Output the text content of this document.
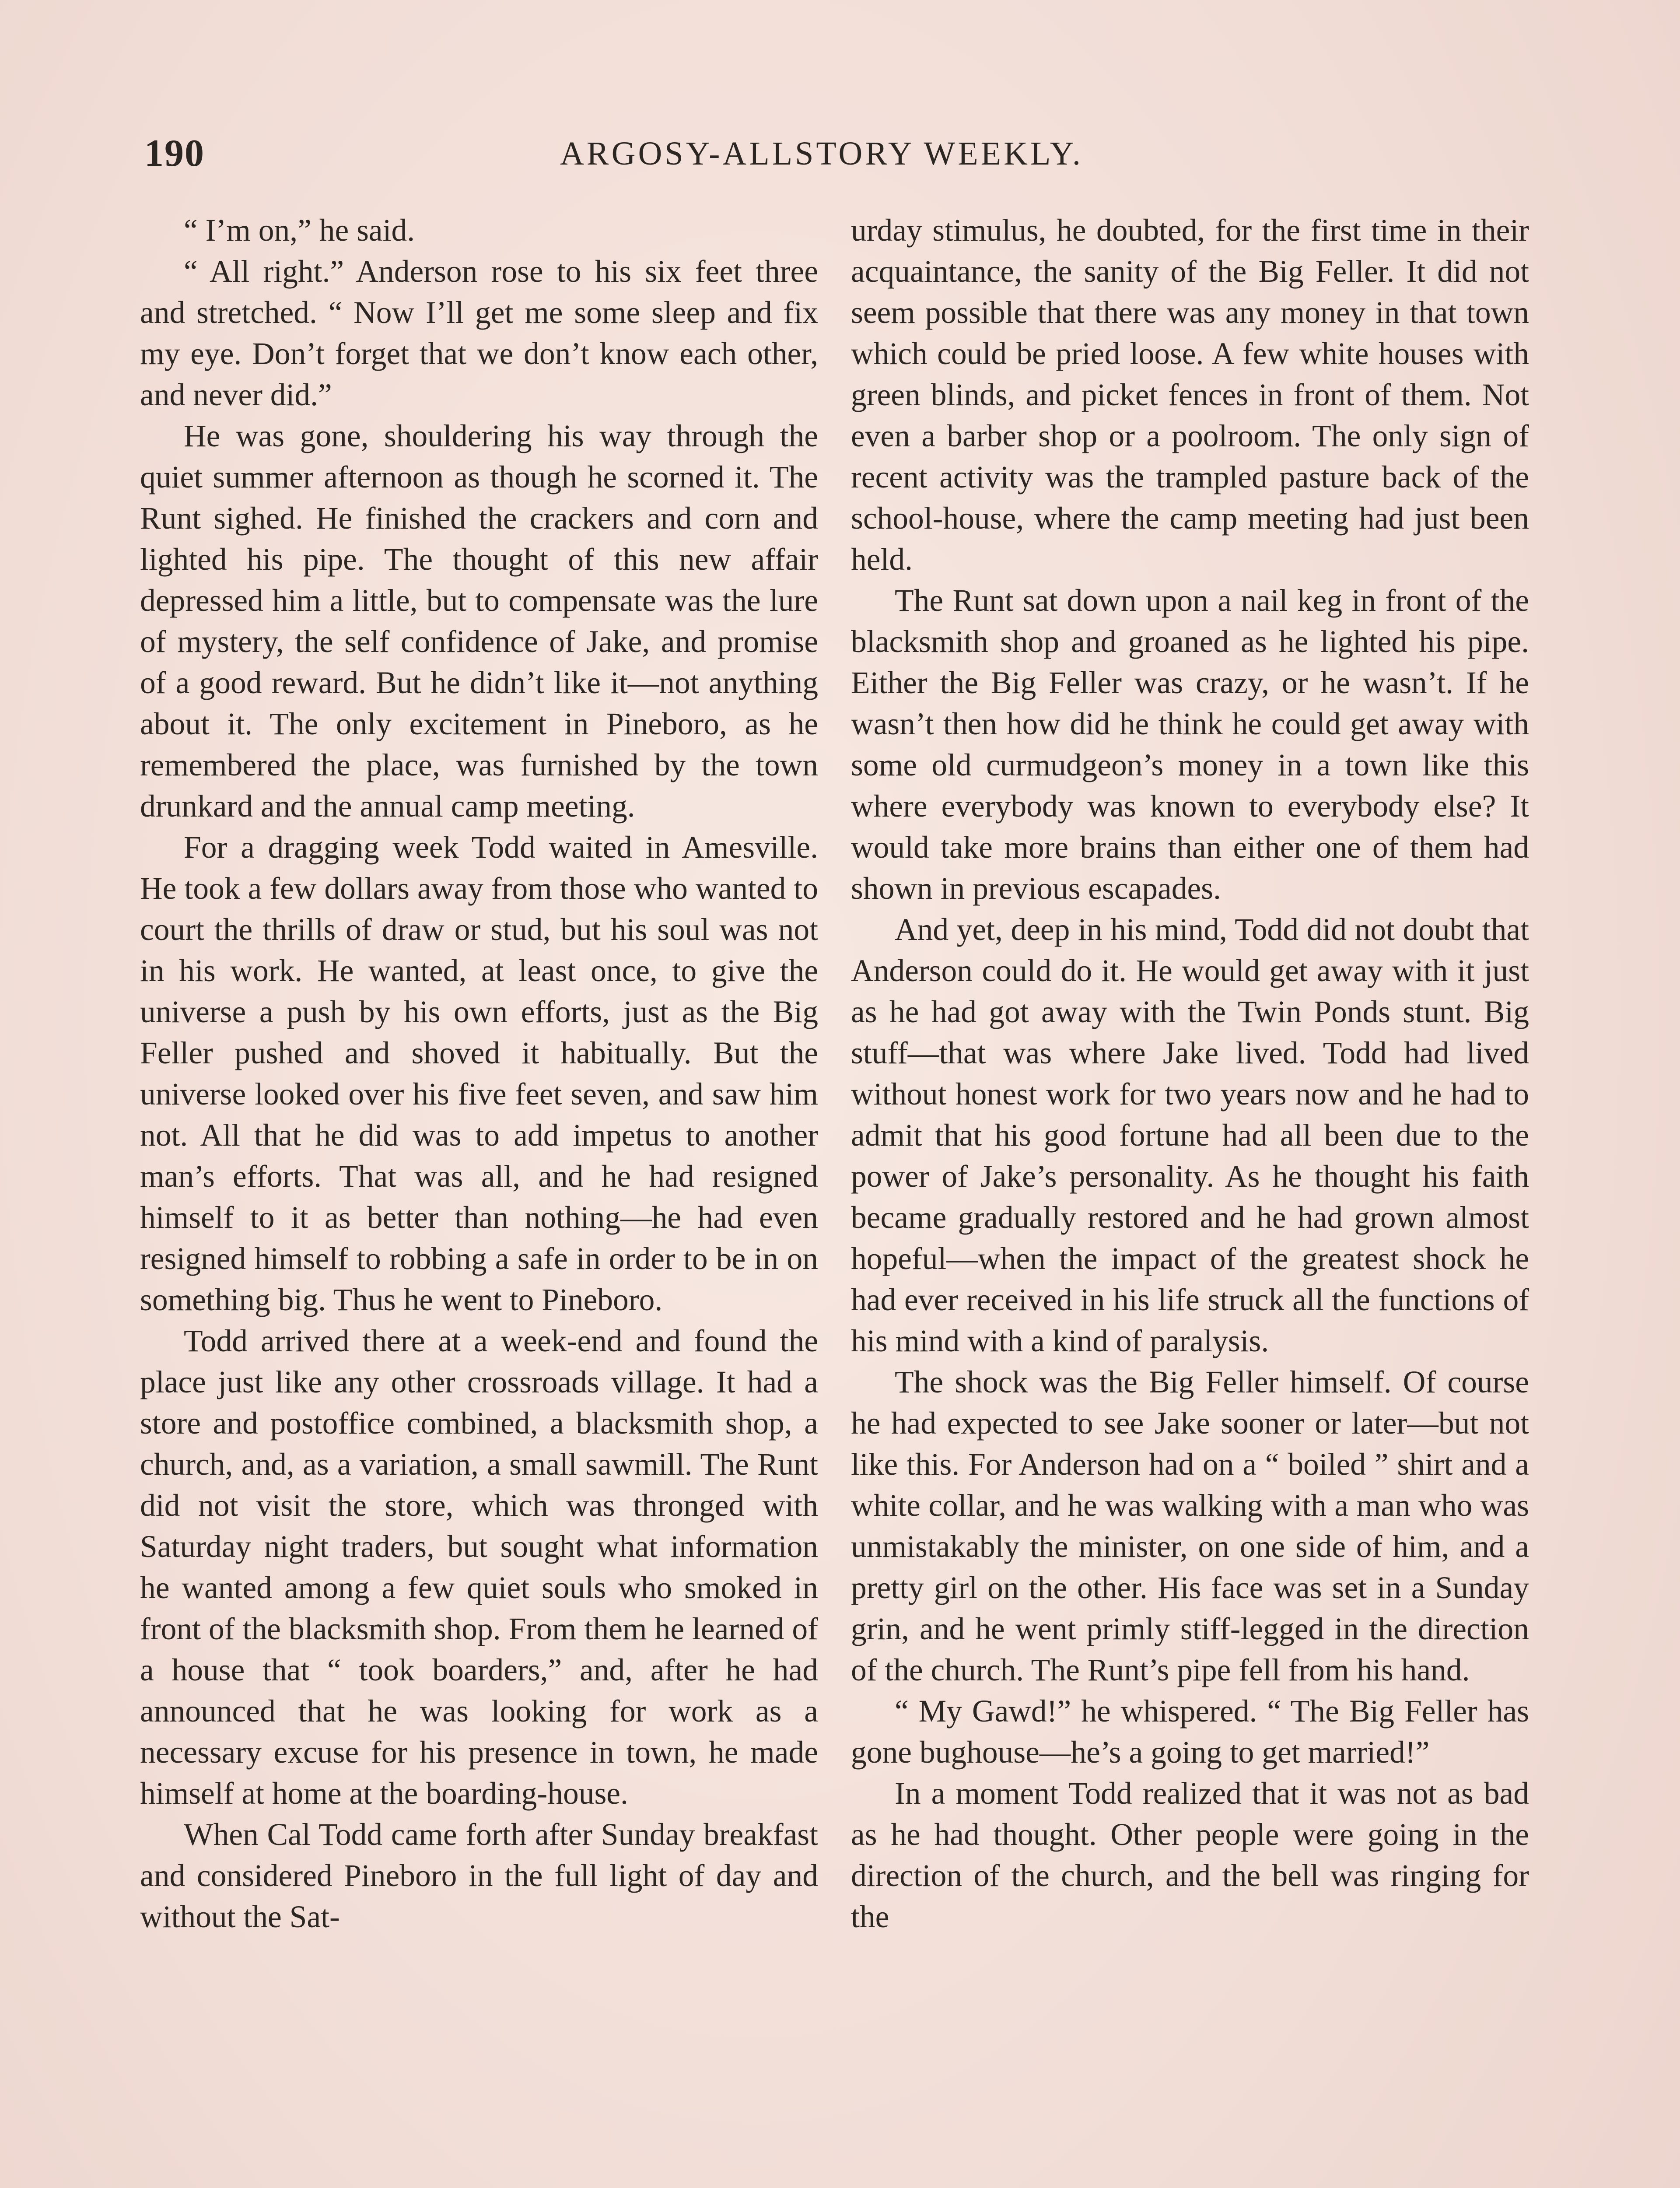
190	ARGOSY-ALLSTORY WEEKLY.

“ I’m on,” he said.

“ All right.” Anderson rose to his six feet three and stretched. “ Now I’ll get me some sleep and fix my eye. Don’t forget that we don’t know each other, and never did.”

He was gone, shouldering his way through the quiet summer afternoon as though he scorned it. The Runt sighed. He finished the crackers and corn and lighted his pipe. The thought of this new affair depressed him a little, but to compensate was the lure of mystery, the self confidence of Jake, and promise of a good reward. But he didn’t like it—not anything about it. The only excitement in Pineboro, as he remembered the place, was furnished by the town drunkard and the annual camp meeting.

For a dragging week Todd waited in Amesville. He took a few dollars away from those who wanted to court the thrills of draw or stud, but his soul was not in his work. He wanted, at least once, to give the universe a push by his own efforts, just as the Big Feller pushed and shoved it habitually. But the universe looked over his five feet seven, and saw him not. All that he did was to add impetus to another man’s efforts. That was all, and he had resigned himself to it as better than nothing—he had even resigned himself to robbing a safe in order to be in on something big. Thus he went to Pineboro.

Todd arrived there at a week-end and found the place just like any other crossroads village. It had a store and postoffice combined, a blacksmith shop, a church, and, as a variation, a small sawmill. The Runt did not visit the store, which was thronged with Saturday night traders, but sought what information he wanted among a few quiet souls who smoked in front of the blacksmith shop. From them he learned of a house that “ took boarders,” and, after he had announced that he was looking for work as a necessary excuse for his presence in town, he made himself at home at the boarding-house.

When Cal Todd came forth after Sunday breakfast and considered Pineboro in the full light of day and without the Sat-

urday stimulus, he doubted, for the first time in their acquaintance, the sanity of the Big Feller. It did not seem possible that there was any money in that town which could be pried loose. A few white houses with green blinds, and picket fences in front of them. Not even a barber shop or a poolroom. The only sign of recent activity was the trampled pasture back of the school-house, where the camp meeting had just been held.

The Runt sat down upon a nail keg in front of the blacksmith shop and groaned as he lighted his pipe. Either the Big Feller was crazy, or he wasn’t. If he wasn’t then how did he think he could get away with some old curmudgeon’s money in a town like this where everybody was known to everybody else? It would take more brains than either one of them had shown in previous escapades.

And yet, deep in his mind, Todd did not doubt that Anderson could do it. He would get away with it just as he had got away with the Twin Ponds stunt. Big stuff—that was where Jake lived. Todd had lived without honest work for two years now and he had to admit that his good fortune had all been due to the power of Jake’s personality. As he thought his faith became gradually restored and he had grown almost hopeful—when the impact of the greatest shock he had ever received in his life struck all the functions of his mind with a kind of paralysis.

The shock was the Big Feller himself. Of course he had expected to see Jake sooner or later—but not like this. For Anderson had on a “ boiled ” shirt and a white collar, and he was walking with a man who was unmistakably the minister, on one side of him, and a pretty girl on the other. His face was set in a Sunday grin, and he went primly stiff-legged in the direction of the church. The Runt’s pipe fell from his hand.

“ My Gawd!” he whispered. “ The Big Feller has gone bughouse—he’s a going to get married!”

In a moment Todd realized that it was not as bad as he had thought. Other people were going in the direction of the church, and the bell was ringing for the
